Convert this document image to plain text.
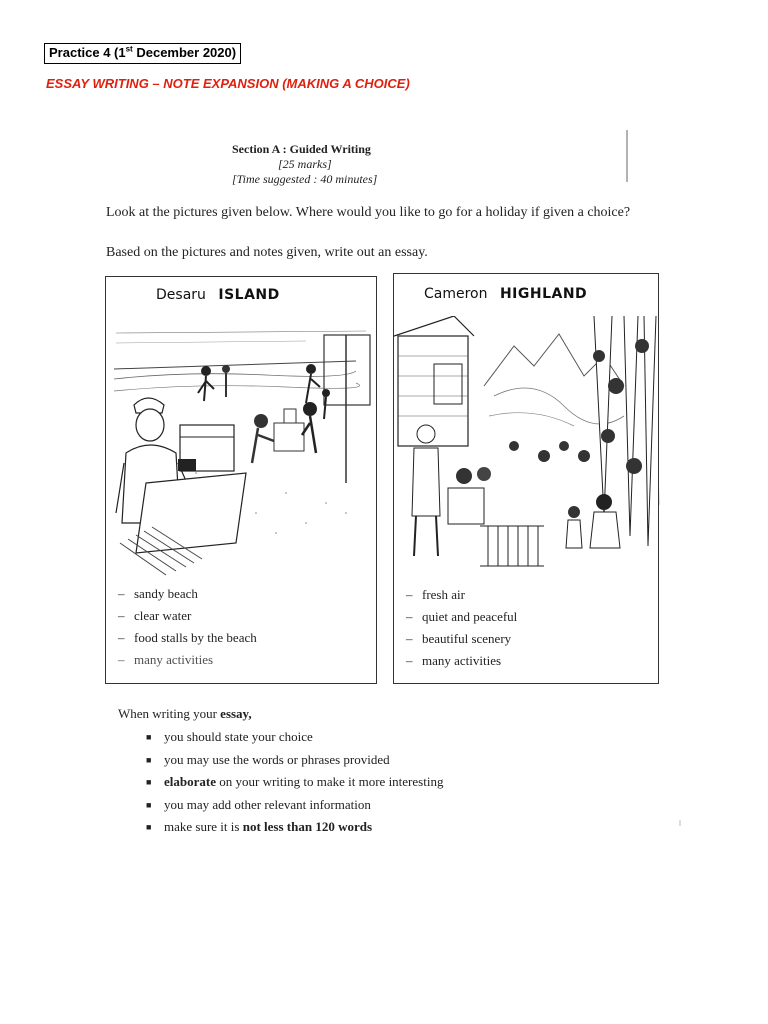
Practice 4 (1st December 2020)
ESSAY WRITING – NOTE EXPANSION (MAKING A CHOICE)
Section A : Guided Writing
[25 marks]
[Time suggested : 40 minutes]
Look at the pictures given below. Where would you like to go for a holiday if given a choice?
Based on the pictures and notes given, write out an essay.
Desaru ISLAND
– sandy beach
– clear water
– food stalls by the beach
– many activities
Cameron HIGHLAND
– fresh air
– quiet and peaceful
– beautiful scenery
– many activities
When writing your essay,
■ you should state your choice
■ you may use the words or phrases provided
■ elaborate on your writing to make it more interesting
■ you may add other relevant information
■ make sure it is not less than 120 words
